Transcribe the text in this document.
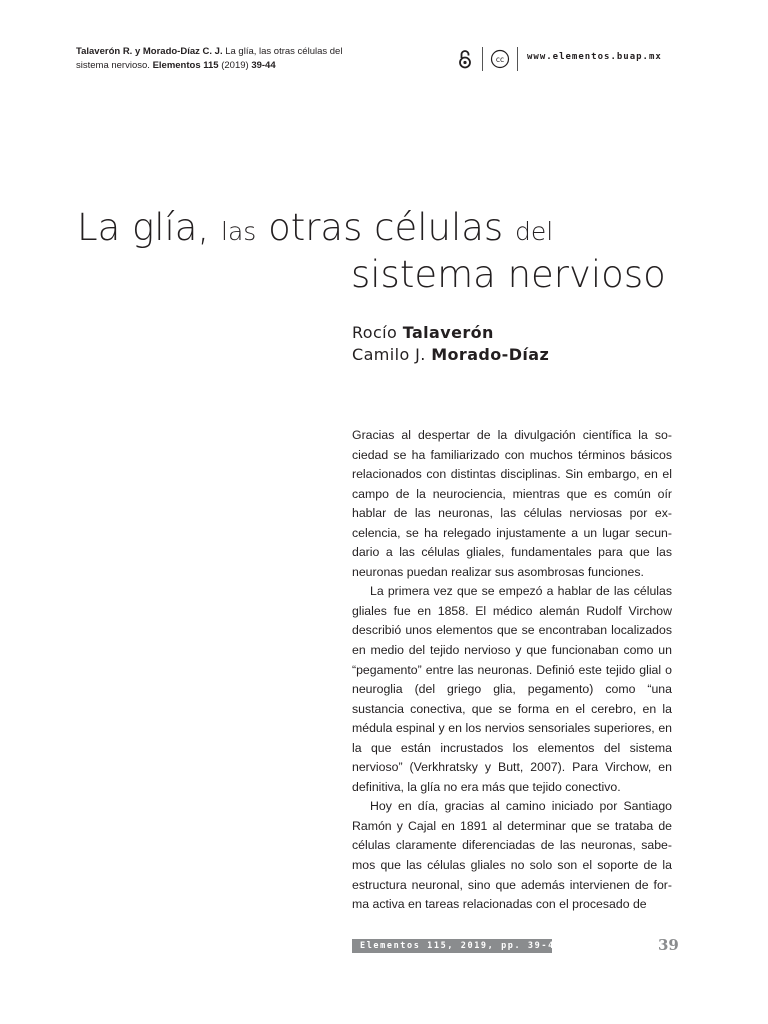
Talaverón R. y Morado-Díaz C. J. La glía, las otras células del sistema nervioso. Elementos 115 (2019) 39-44
cc	www.elementos.buap.mx
La glía, las otras células del
sistema nervioso
Rocío Talaverón
Camilo J. Morado-Díaz

Gracias al despertar de la divulgación científica la sociedad se ha familiarizado con muchos términos básicos relacionados con distintas disciplinas. Sin embargo, en el campo de la neurociencia, mientras que es común oír hablar de las neuronas, las células nerviosas por excelencia, se ha relegado injustamente a un lugar secundario a las células gliales, fundamentales para que las neuronas puedan realizar sus asombrosas funciones.

La primera vez que se empezó a hablar de las células gliales fue en 1858. El médico alemán Rudolf Virchow describió unos elementos que se encontraban localizados en medio del tejido nervioso y que funcionaban como un “pegamento” entre las neuronas. Definió este tejido glial o neuroglia (del griego glia, pegamento) como “una sustancia conectiva, que se forma en el cerebro, en la médula espinal y en los nervios sensoriales superiores, en la que están incrustados los elementos del sistema nervioso” (Verkhratsky y Butt, 2007). Para Virchow, en definitiva, la glía no era más que tejido conectivo.

Hoy en día, gracias al camino iniciado por Santiago Ramón y Cajal en 1891 al determinar que se trataba de células claramente diferenciadas de las neuronas, sabemos que las células gliales no solo son el soporte de la estructura neuronal, sino que además intervienen de forma activa en tareas relacionadas con el procesado de

Elementos 115, 2019, pp. 39-44	39
